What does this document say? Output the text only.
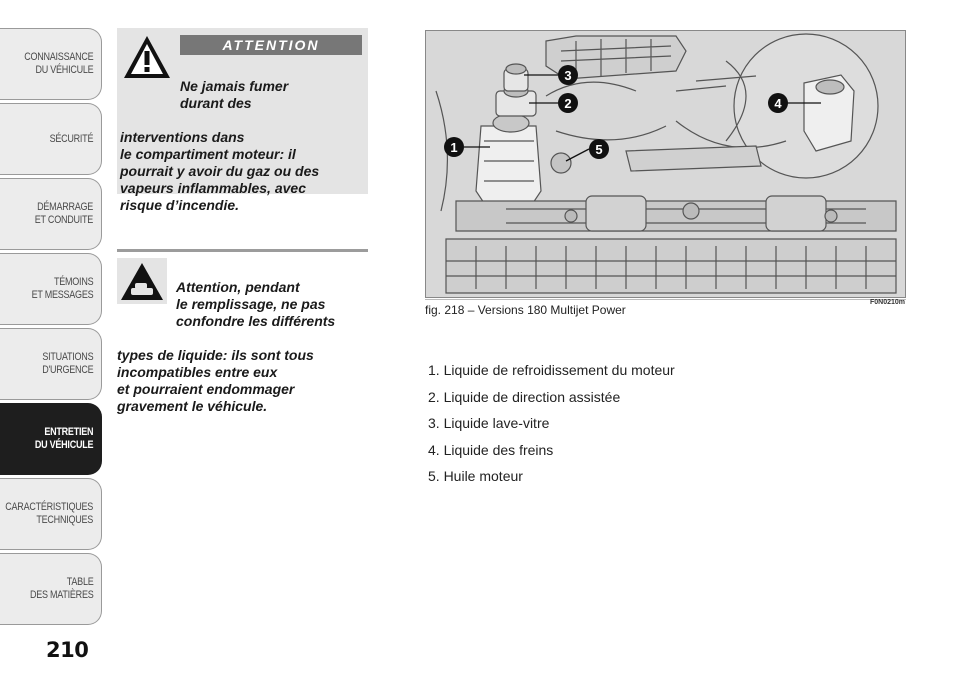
CONNAISSANCE
DU VÉHICULE
SÉCURITÉ
DÉMARRAGE
ET CONDUITE
TÉMOINS
ET MESSAGES
SITUATIONS
D'URGENCE
ENTRETIEN
DU VÉHICULE
CARACTÉRISTIQUES
TECHNIQUES
TABLE
DES MATIÈRES
210
ATTENTION

Ne jamais fumer
durant des

interventions dans
le compartiment moteur: il
pourrait y avoir du gaz ou des
vapeurs inflammables, avec
risque d’incendie.

Attention, pendant
le remplissage, ne pas
confondre les différents

types de liquide: ils sont tous
incompatibles entre eux
et pourraient endommager
gravement le véhicule.

1
2
3
4
5
F0N0210m
fig. 218 – Versions 180 Multijet Power
1. Liquide de refroidissement du moteur
2. Liquide de direction assistée
3. Liquide lave-vitre
4. Liquide des freins
5. Huile moteur
